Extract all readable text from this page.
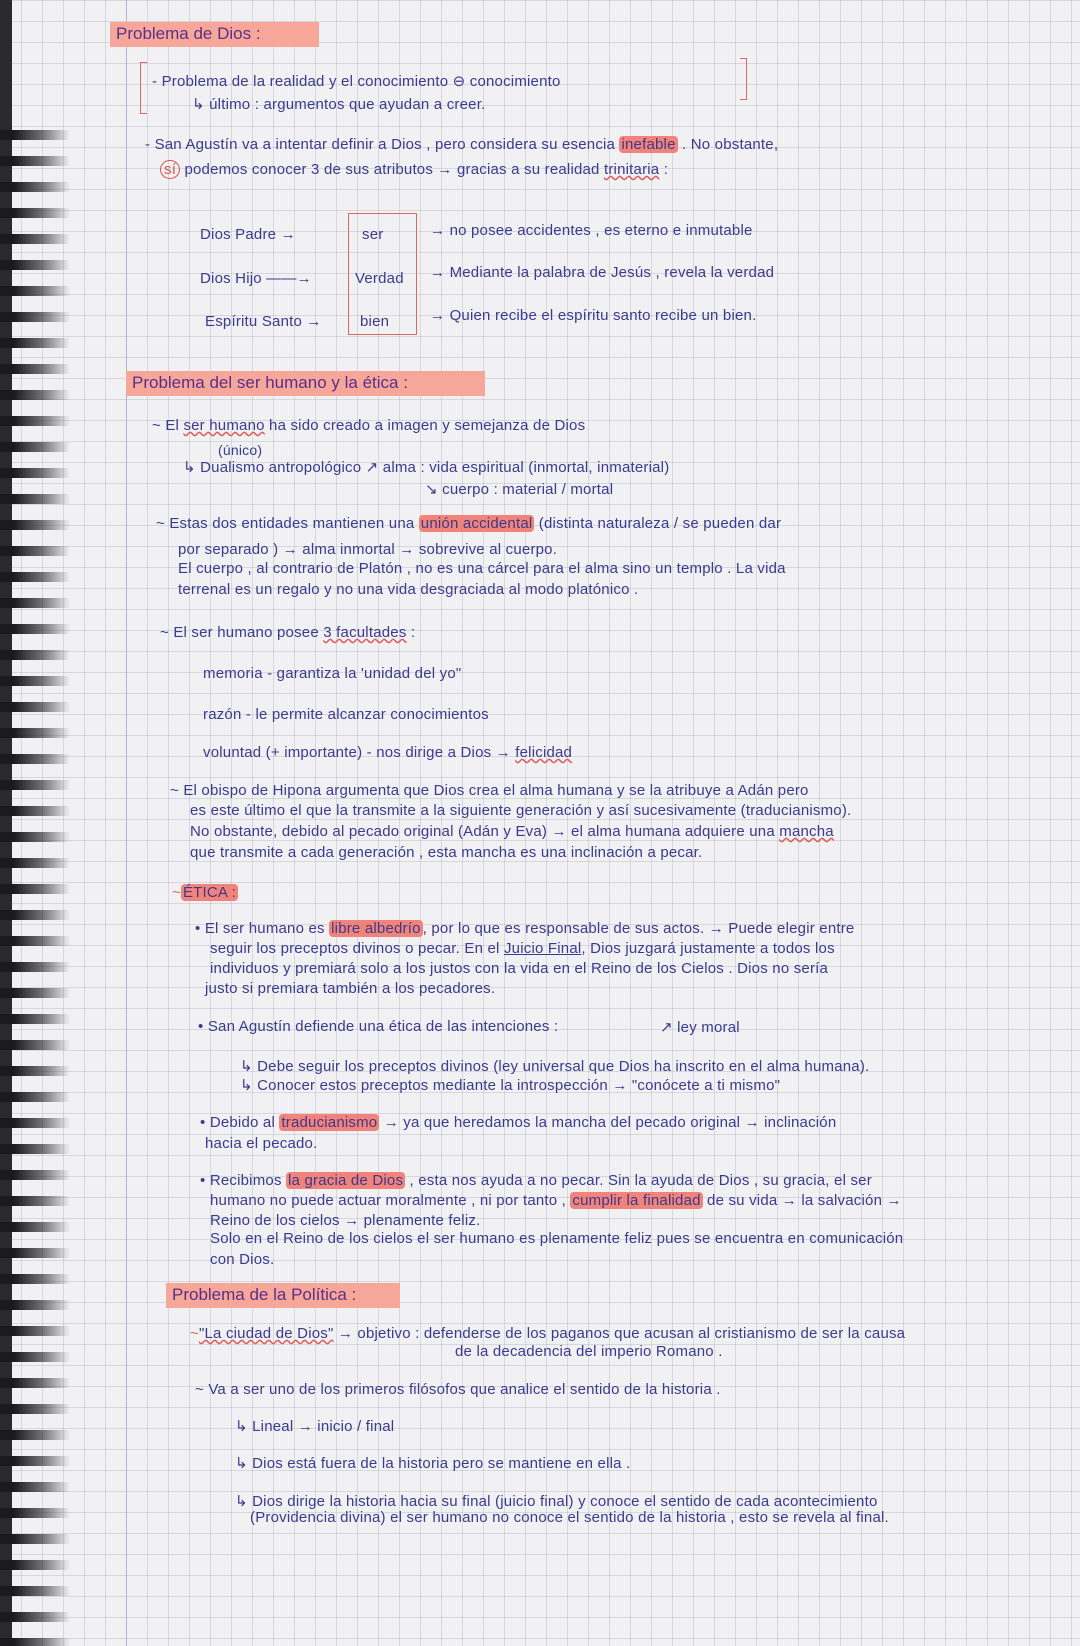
Problema de Dios :
- Problema de la realidad y el conocimiento ⊖ conocimiento
↳ último : argumentos que ayudan a creer.
- San Agustín va a intentar definir a Dios , pero considera su esencia inefable . No obstante,
sí podemos conocer 3 de sus atributos → gracias a su realidad trinitaria :
Dios Padre →	ser	→ no posee accidentes , es eterno e inmutable
Dios Hijo ——→	Verdad → Mediante la palabra de Jesús , revela la verdad
Espíritu Santo →	bien	→ Quien recibe el espíritu santo recibe un bien.
Problema del ser humano y la ética :
~ El ser humano ha sido creado a imagen y semejanza de Dios
(único)
↳ Dualismo antropológico ↗ alma : vida espiritual (inmortal, inmaterial)
↘ cuerpo : material / mortal
~ Estas dos entidades mantienen una unión accidental (distinta naturaleza / se pueden dar
por separado ) → alma inmortal → sobrevive al cuerpo.
El cuerpo , al contrario de Platón , no es una cárcel para el alma sino un templo . La vida
terrenal es un regalo y no una vida desgraciada al modo platónico .
~ El ser humano posee 3 facultades :
memoria - garantiza la 'unidad del yo"
razón - le permite alcanzar conocimientos
voluntad (+ importante) - nos dirige a Dios → felicidad
~ El obispo de Hipona argumenta que Dios crea el alma humana y se la atribuye a Adán pero
es este último el que la transmite a la siguiente generación y así sucesivamente (traducianismo).
No obstante, debido al pecado original (Adán y Eva) → el alma humana adquiere una mancha
que transmite a cada generación , esta mancha es una inclinación a pecar.
~ ÉTICA :
• El ser humano es libre albedrío , por lo que es responsable de sus actos. → Puede elegir entre
seguir los preceptos divinos o pecar. En el Juicio Final, Dios juzgará justamente a todos los
individuos y premiará solo a los justos con la vida en el Reino de los Cielos . Dios no sería
justo si premiara también a los pecadores.
• San Agustín defiende una ética de las intenciones :	↗ ley moral
↳ Debe seguir los preceptos divinos (ley universal que Dios ha inscrito en el alma humana).
↳ Conocer estos preceptos mediante la introspección → "conócete a ti mismo"
• Debido al traducianismo → ya que heredamos la mancha del pecado original → inclinación
hacia el pecado.
• Recibimos la gracia de Dios , esta nos ayuda a no pecar. Sin la ayuda de Dios , su gracia, el ser
humano no puede actuar moralmente , ni por tanto , cumplir la finalidad de su vida → la salvación →
Reino de los cielos → plenamente feliz.
Solo en el Reino de los cielos el ser humano es plenamente feliz pues se encuentra en comunicación
con Dios.
Problema de la Política :
~"La ciudad de Dios" → objetivo : defenderse de los paganos que acusan al cristianismo de ser la causa
de la decadencia del imperio Romano .
~ Va a ser uno de los primeros filósofos que analice el sentido de la historia .
↳ Lineal → inicio / final
↳ Dios está fuera de la historia pero se mantiene en ella .
↳ Dios dirige la historia hacia su final (juicio final) y conoce el sentido de cada acontecimiento
(Providencia divina) el ser humano no conoce el sentido de la historia , esto se revela al final.
